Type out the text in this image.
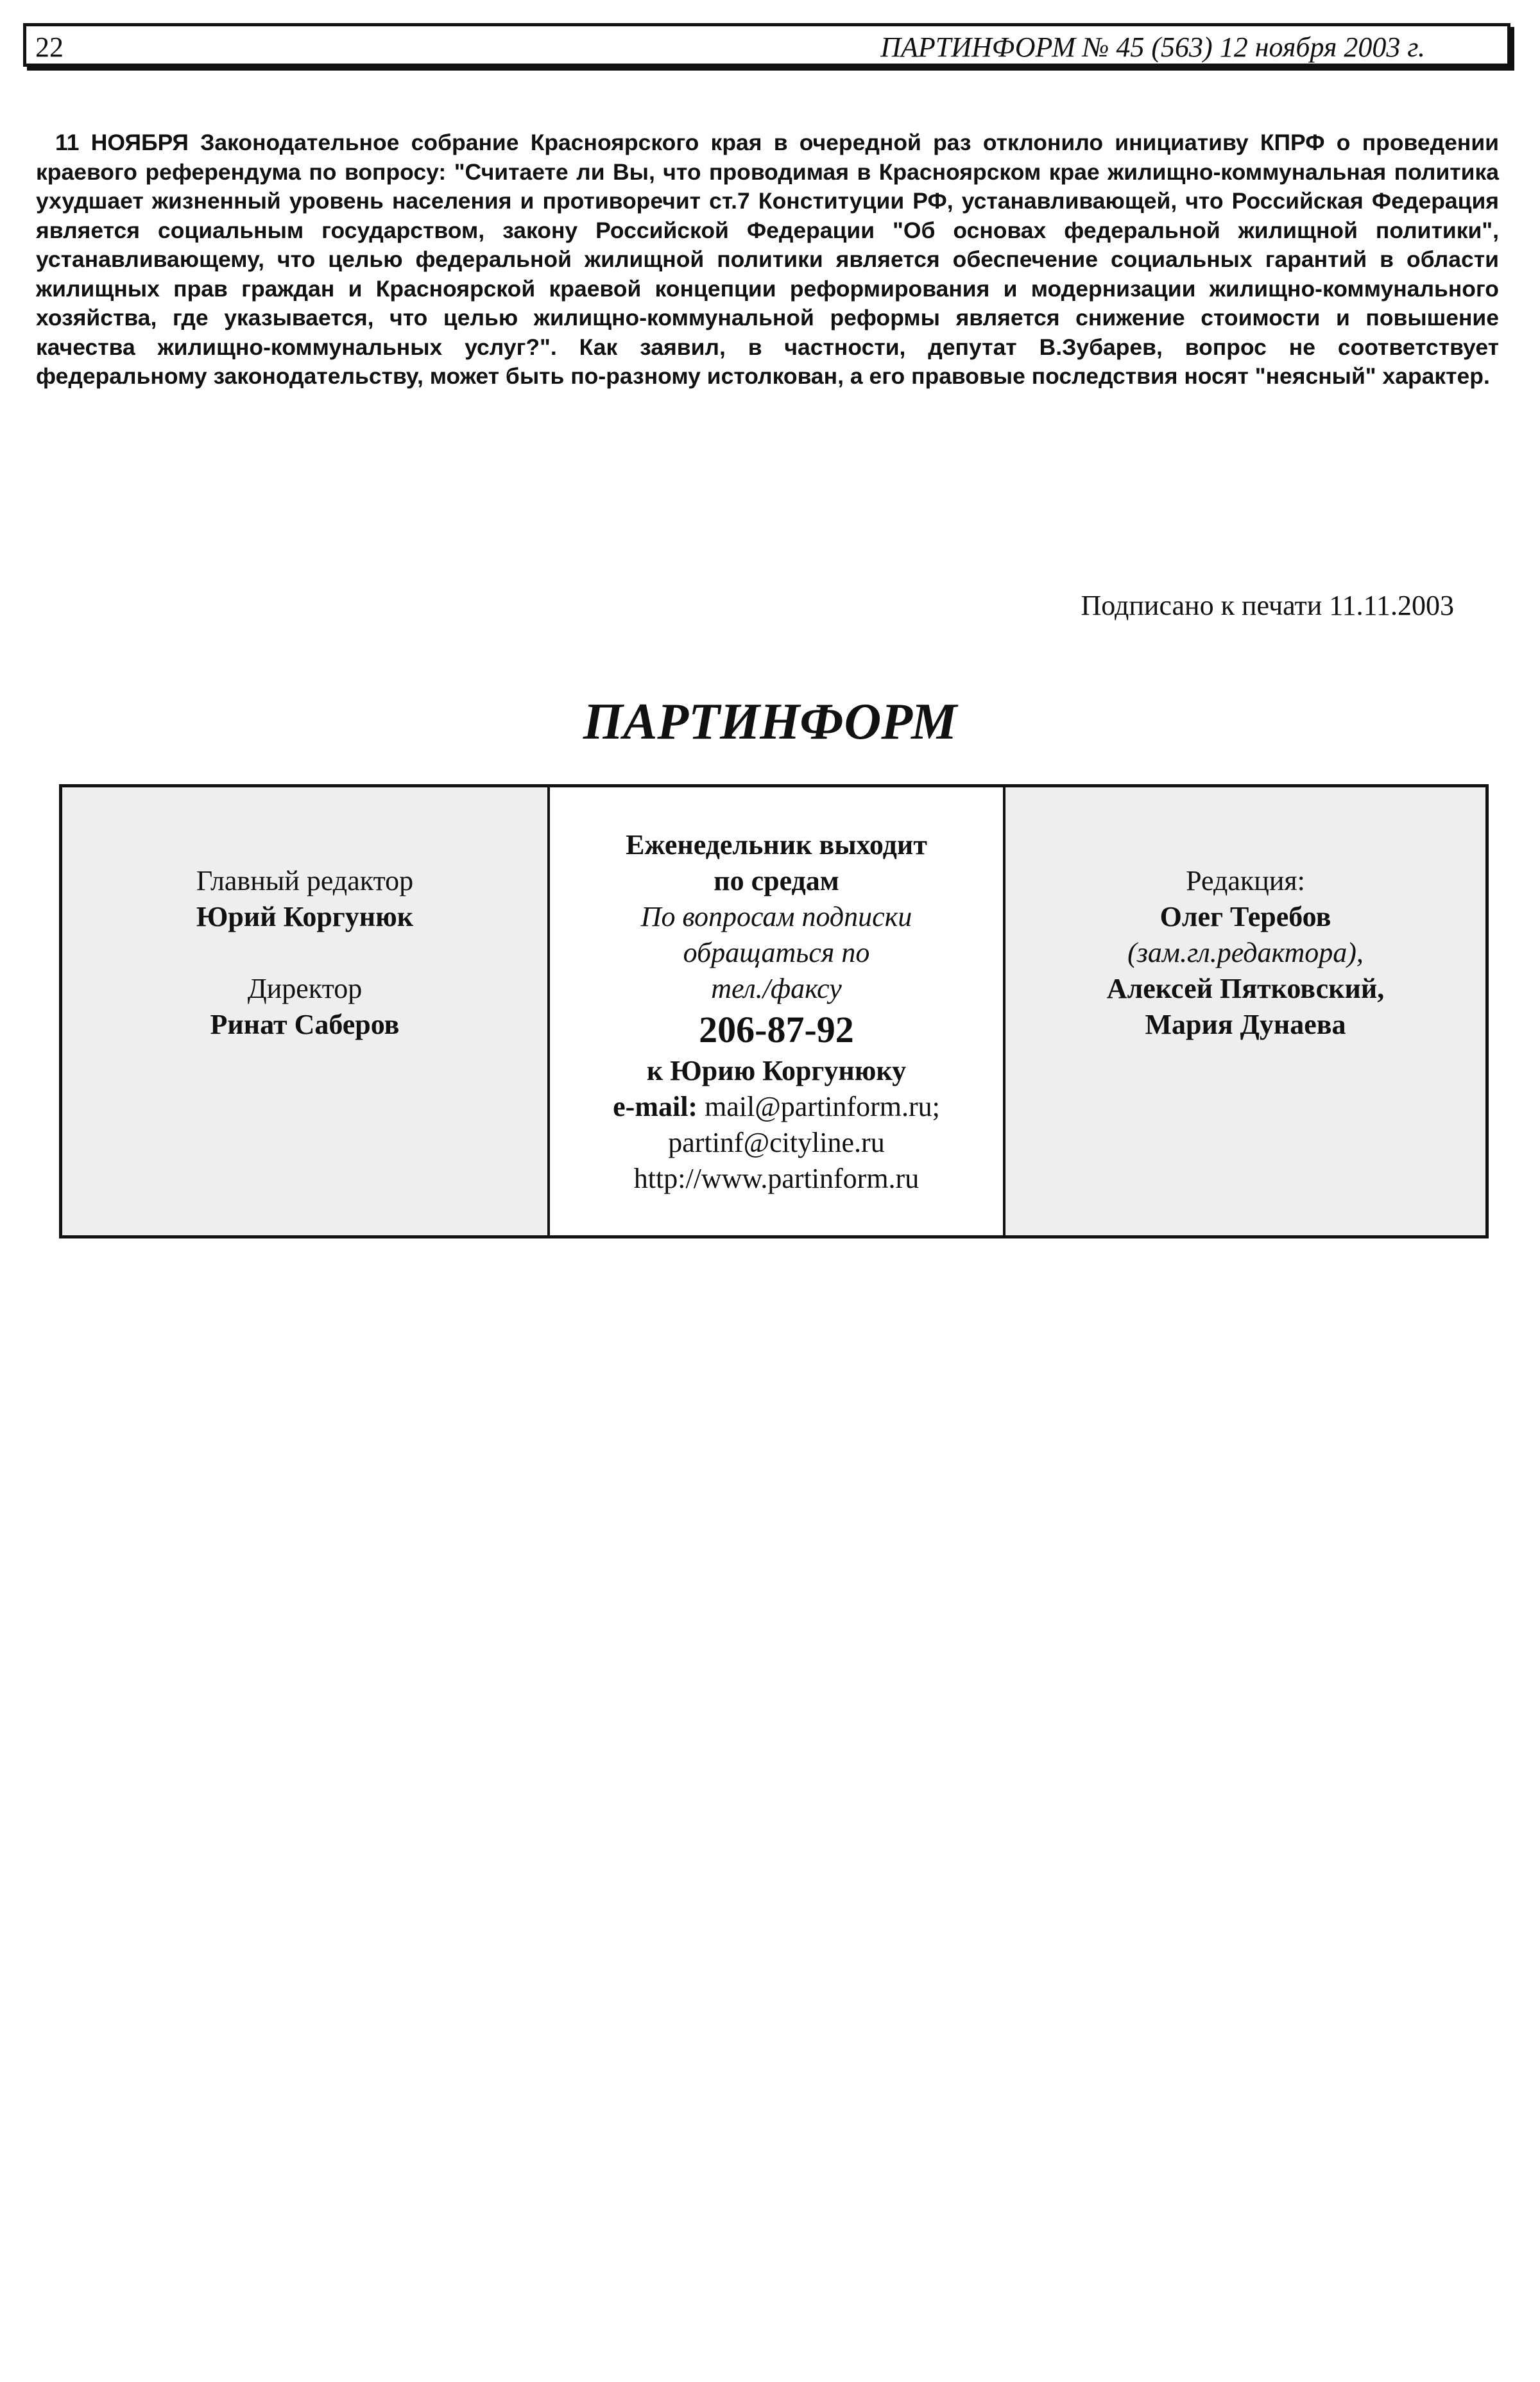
22	ПАРТИНФОРМ № 45 (563) 12 ноября 2003 г.

11 НОЯБРЯ Законодательное собрание Красноярского края в очередной раз отклонило инициативу КПРФ о проведении краевого референдума по вопросу: "Считаете ли Вы, что проводимая в Красноярском крае жилищно-коммунальная политика ухудшает жизненный уровень населения и противоречит ст.7 Конституции РФ, устанавливающей, что Российская Федерация является социальным государством, закону Российской Федерации "Об основах федеральной жилищной политики", устанавливающему, что целью федеральной жилищной политики является обеспечение социальных гарантий в области жилищных прав граждан и Красноярской краевой концепции реформирования и модернизации жилищно-коммунального хозяйства, где указывается, что целью жилищно-коммунальной реформы является снижение стоимости и повышение качества жилищно-коммунальных услуг?". Как заявил, в частности, депутат В.Зубарев, вопрос не соответствует федеральному законодательству, может быть по-разному истолкован, а его правовые последствия носят "неясный" характер.

Подписано к печати 11.11.2003
ПАРТИНФОРМ
Главный редактор
Юрий Коргунюк
Директор
Ринат Саберов
Еженедельник выходит
по средам
По вопросам подписки
обращаться по
тел./факсу
206-87-92
к Юрию Коргунюку
e-mail: mail@partinform.ru;
partinf@cityline.ru
http://www.partinform.ru
Редакция:
Олег Теребов
(зам.гл.редактора),
Алексей Пятковский,
Мария Дунаева
